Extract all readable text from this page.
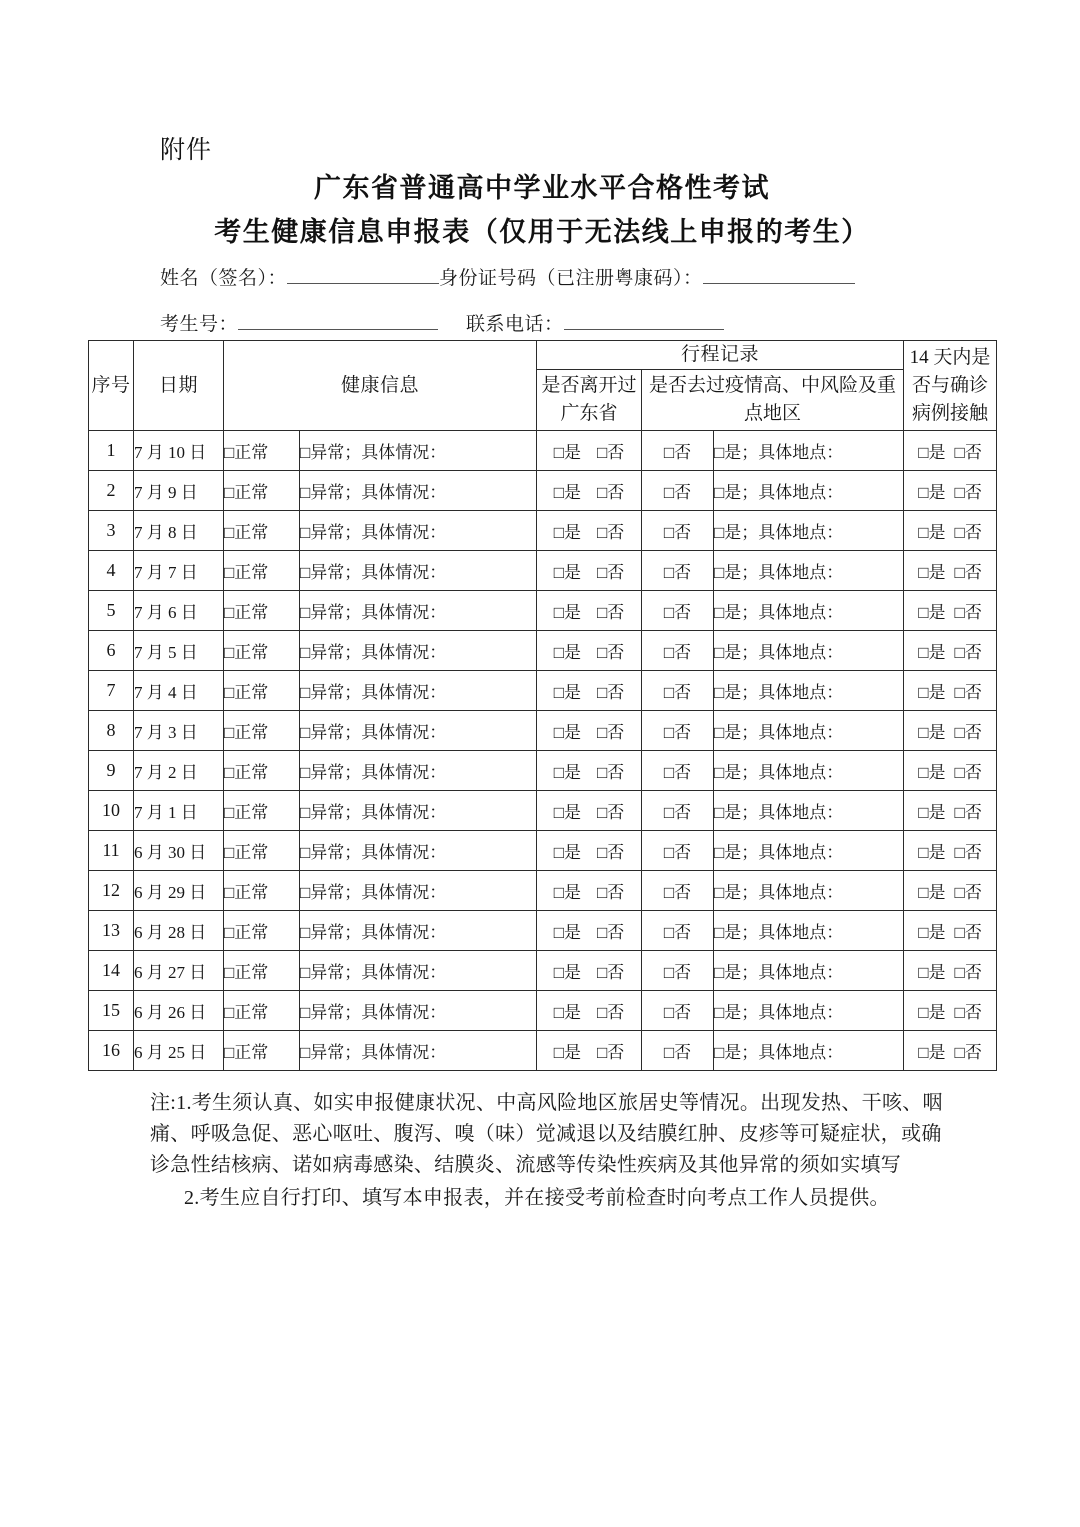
附件
广东省普通高中学业水平合格性考试
考生健康信息申报表（仅用于无法线上申报的考生）
姓名（签名）：	身份证号码（已注册粤康码）：
考生号：	联系电话：
序号	日期	健康信息		行程记录			14 天内是否与确诊病例接触
				是否离开过广东省	是否去过疫情高、中风险及重点地区		
1	7 月 10 日	□正常	□异常；具体情况：	□是 □否	□否	□是；具体地点：	□是 □否
2	7 月 9 日	□正常	□异常；具体情况：	□是 □否	□否	□是；具体地点：	□是 □否
3	7 月 8 日	□正常	□异常；具体情况：	□是 □否	□否	□是；具体地点：	□是 □否
4	7 月 7 日	□正常	□异常；具体情况：	□是 □否	□否	□是；具体地点：	□是 □否
5	7 月 6 日	□正常	□异常；具体情况：	□是 □否	□否	□是；具体地点：	□是 □否
6	7 月 5 日	□正常	□异常；具体情况：	□是 □否	□否	□是；具体地点：	□是 □否
7	7 月 4 日	□正常	□异常；具体情况：	□是 □否	□否	□是；具体地点：	□是 □否
8	7 月 3 日	□正常	□异常；具体情况：	□是 □否	□否	□是；具体地点：	□是 □否
9	7 月 2 日	□正常	□异常；具体情况：	□是 □否	□否	□是；具体地点：	□是 □否
10	7 月 1 日	□正常	□异常；具体情况：	□是 □否	□否	□是；具体地点：	□是 □否
11	6 月 30 日	□正常	□异常；具体情况：	□是 □否	□否	□是；具体地点：	□是 □否
12	6 月 29 日	□正常	□异常；具体情况：	□是 □否	□否	□是；具体地点：	□是 □否
13	6 月 28 日	□正常	□异常；具体情况：	□是 □否	□否	□是；具体地点：	□是 □否
14	6 月 27 日	□正常	□异常；具体情况：	□是 □否	□否	□是；具体地点：	□是 □否
15	6 月 26 日	□正常	□异常；具体情况：	□是 □否	□否	□是；具体地点：	□是 □否
16	6 月 25 日	□正常	□异常；具体情况：	□是 □否	□否	□是；具体地点：	□是 □否
注:1.考生须认真、如实申报健康状况、中高风险地区旅居史等情况。出现发热、干咳、咽痛、呼吸急促、恶心呕吐、腹泻、嗅（味）觉减退以及结膜红肿、皮疹等可疑症状，或确诊急性结核病、诺如病毒感染、结膜炎、流感等传染性疾病及其他异常的须如实填写
2.考生应自行打印、填写本申报表，并在接受考前检查时向考点工作人员提供。
